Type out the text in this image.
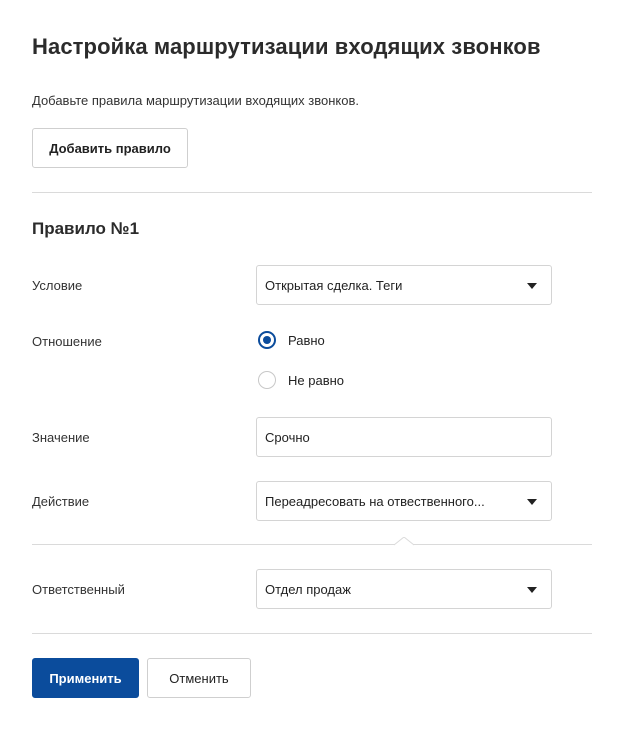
Настройка маршрутизации входящих звонков
Добавьте правила маршрутизации входящих звонков.
Добавить правило
Правило №1
Условие	Открытая сделка. Теги
Отношение	Равно
Не равно
Значение	Срочно
Действие	Переадресовать на отвественного...
Ответственный	Отдел продаж
Применить	Отменить
